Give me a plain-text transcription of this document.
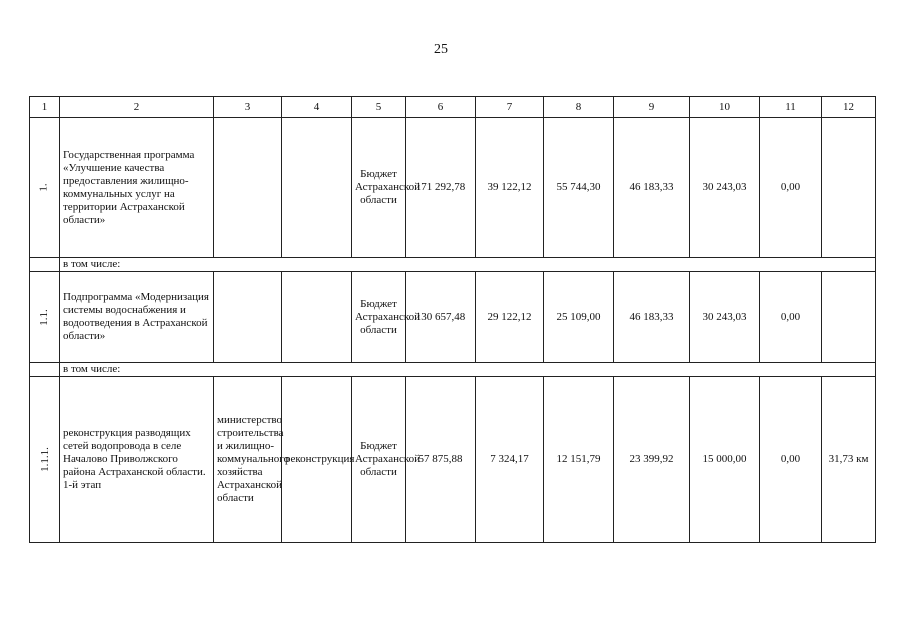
25
1	2	3	4	5	6	7	8	9	10	11	12
1.	Государственная программа «Улучшение качества предоставления жилищно-коммунальных услуг на территории Астраханской области»			Бюджет Астраханской области	171 292,78	39 122,12	55 744,30	46 183,33	30 243,03	0,00	
	в том числе:										
1.1.	Подпрограмма «Модернизация системы водоснабжения и водоотведения в Астраханской области»			Бюджет Астраханской области	130 657,48	29 122,12	25 109,00	46 183,33	30 243,03	0,00	
	в том числе:										
1.1.1.	реконструкция разводящих сетей водопровода в селе Началово Приволжского района Астраханской области. 1-й этап	министерство строительства и жилищно-коммунального хозяйства Астраханской области	реконструкция	Бюджет Астраханской области	57 875,88	7 324,17	12 151,79	23 399,92	15 000,00	0,00	31,73 км
